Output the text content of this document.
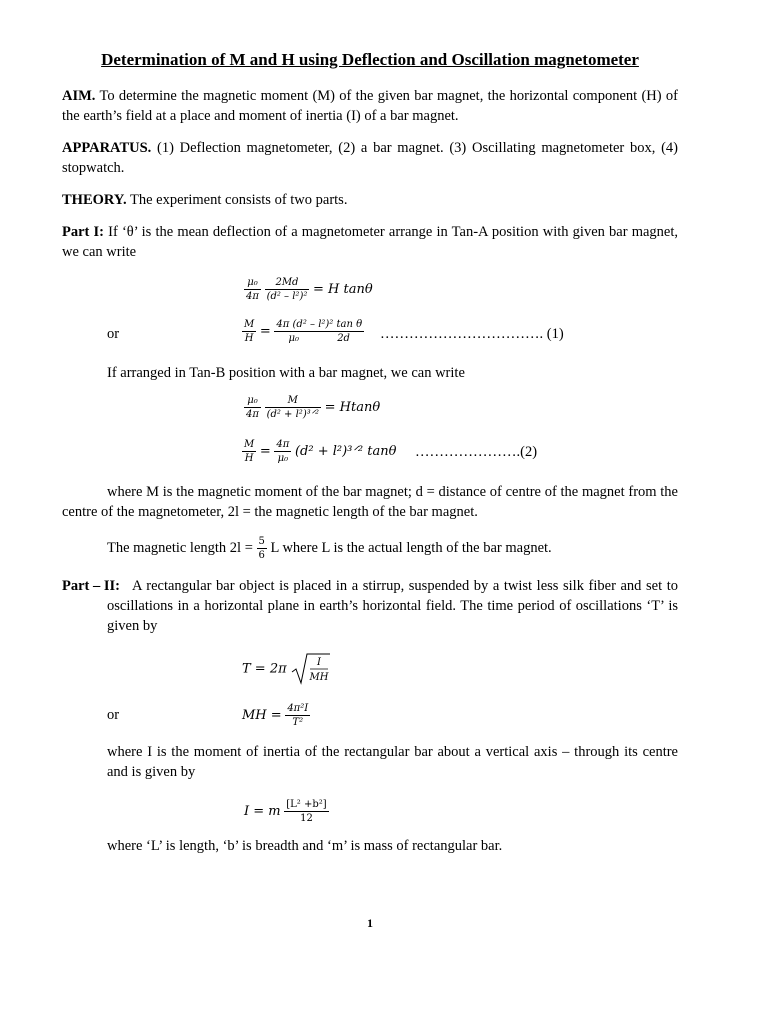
Determination of M and H using Deflection and Oscillation magnetometer
AIM. To determine the magnetic moment (M) of the given bar magnet, the horizontal component (H) of the earth’s field at a place and moment of inertia (I) of a bar magnet.
APPARATUS. (1) Deflection magnetometer, (2) a bar magnet. (3) Oscillating magnetometer box, (4) stopwatch.
THEORY. The experiment consists of two parts.
Part I: If ‘θ’ is the mean deflection of a magnetometer arrange in Tan-A position with given bar magnet, we can write
$\frac{\text{μ₀}}{4\pi}$
$\frac{2Md}{\text{(d² – l²)²}} = H$ tanθ
or	$\frac{M}{H} = \frac{\text{4π (d² – l²)² tan θ}}{\text{μ₀            2d}}$ ……………………………. (1)
If arranged in Tan-B position with a bar magnet, we can write
$\frac{\text{μ₀}}{4\pi}$
$\frac{M}{\text{(d² + l²)³ᐟ²}} = Htan\theta$
$\frac{M}{H} = \frac{4\pi}{\text{μ₀}} (d^2$ + l²)³ᐟ² tanθ ………………….(2)
where M is the magnetic moment of the bar magnet; d = distance of centre of the magnet from the centre of the magnetometer, 2l = the magnetic length of the bar magnet.
The magnetic length $2l = \frac{5}{6}$ L where L is the actual length of the bar magnet.
Part – II: A rectangular bar object is placed in a stirrup, suspended by a twist less silk fiber and set to oscillations in a horizontal plane in earth’s horizontal field. The time period of oscillations ‘T’ is given by
T = 2π	I
MH
or	MH = $\frac{\text{4π²I}}{\text{T²}}$
where I is the moment of inertia of the rectangular bar about a vertical axis – through its centre and is given by
I = m $\frac{\text{[L² +b²]}}{12}$
where ‘L’ is length, ‘b’ is breadth and ‘m’ is mass of rectangular bar.
1
